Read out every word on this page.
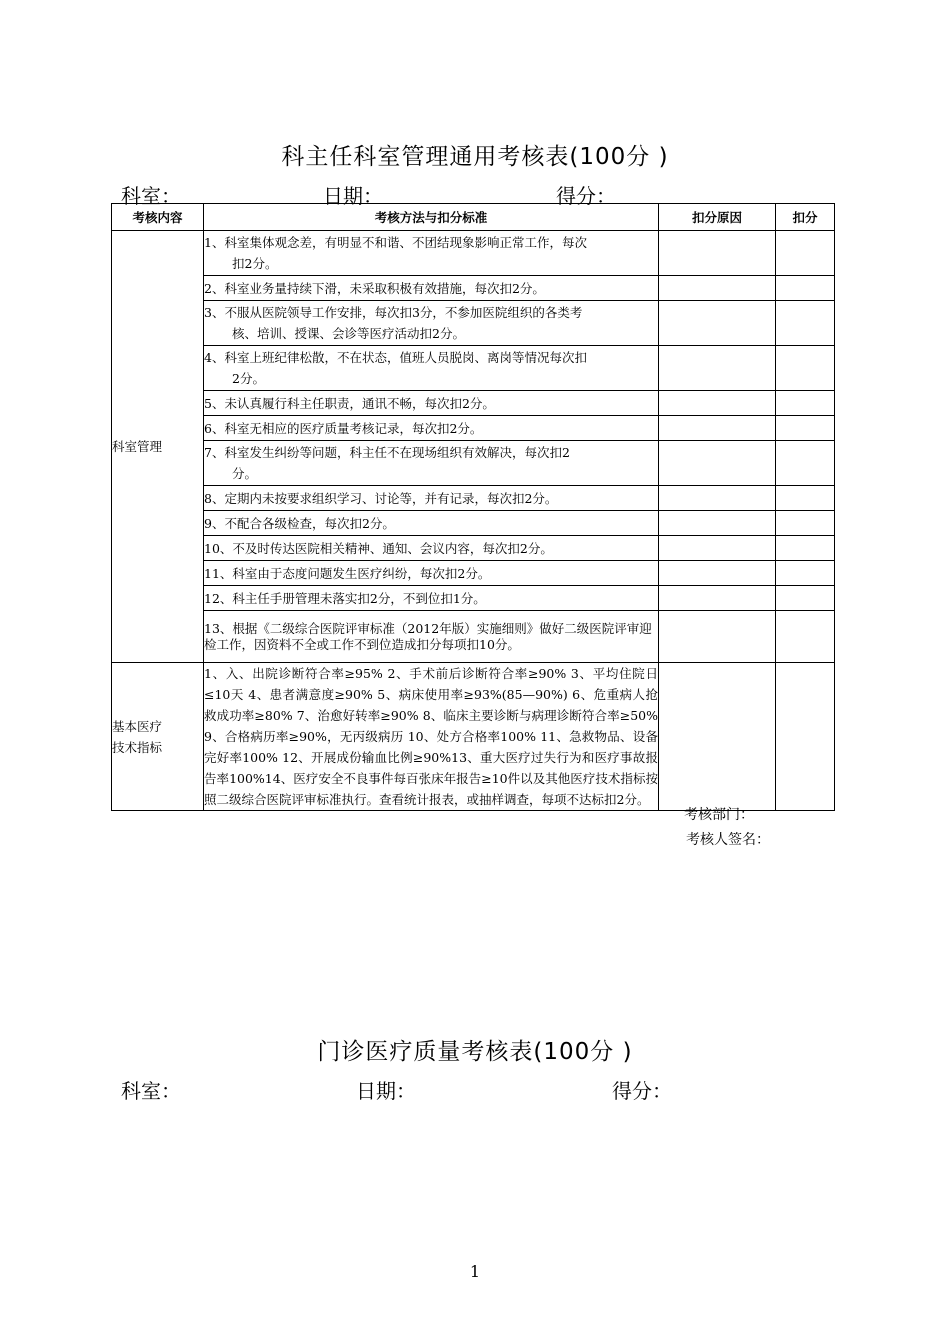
科主任科室管理通用考核表(100分 )
科室：	日期：	得分：
考核内容	考核方法与扣分标准	扣分原因	扣分
科室管理	1、科室集体观念差，有明显不和谐、不团结现象影响正常工作，每次
扣2分。		

	2、科室业务量持续下滑，未采取积极有效措施，每次扣2分。		
	3、不服从医院领导工作安排，每次扣3分，不参加医院组织的各类考
核、培训、授课、会诊等医疗活动扣2分。		

	4、科室上班纪律松散，不在状态，值班人员脱岗、离岗等情况每次扣
2分。		

	5、未认真履行科主任职责，通讯不畅，每次扣2分。		
	6、科室无相应的医疗质量考核记录，每次扣2分。		
	7、科室发生纠纷等问题，科主任不在现场组织有效解决，每次扣2
分。		

	8、定期内未按要求组织学习、讨论等，并有记录，每次扣2分。		
	9、不配合各级检查，每次扣2分。		
	10、不及时传达医院相关精神、通知、会议内容，每次扣2分。		
	11、科室由于态度问题发生医疗纠纷，每次扣2分。		
	12、科主任手册管理未落实扣2分，不到位扣1分。		
	13、根据《二级综合医院评审标准（2012年版）实施细则》做好二级医院评审迎检工作，因资料不全或工作不到位造成扣分每项扣10分。		

基本医疗
技术指标	1、入、出院诊断符合率≥95% 2、手术前后诊断符合率≥90% 3、平均住院日≤10天 4、患者满意度≥90% 5、病床使用率≥93%(85—90%) 6、危重病人抢救成功率≥80% 7、治愈好转率≥90% 8、临床主要诊断与病理诊断符合率≥50% 9、合格病历率≥90%，无丙级病历 10、处方合格率100% 11、急救物品、设备完好率100% 12、开展成份输血比例≥90%13、重大医疗过失行为和医疗事故报告率100%14、医疗安全不良事件每百张床年报告≥10件以及其他医疗技术指标按照二级综合医院评审标准执行。查看统计报表，或抽样调查，每项不达标扣2分。		
考核部门：
考核人签名：
门诊医疗质量考核表(100分 )
科室：	日期：	得分：
1
